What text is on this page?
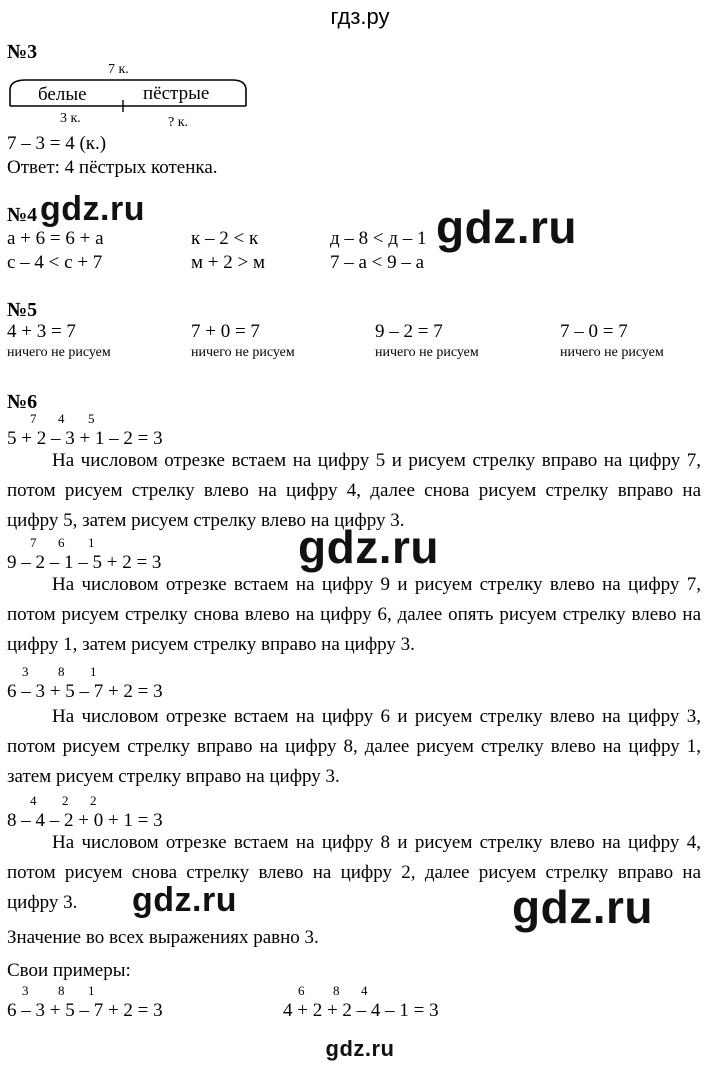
гдз.ру
№3
7 к.
белые	пёстрые
3 к.	? к.
7 – 3 = 4 (к.)
Ответ: 4 пёстрых котенка.
№4 gdz.ru	gdz.ru
а + 6 = 6 + а	к – 2 < к	д – 8 < д – 1
с – 4 < с + 7	м + 2 > м	7 – а < 9 – а
№5
4 + 3 = 7	7 + 0 = 7	9 – 2 = 7	7 – 0 = 7
ничего не рисуем	ничего не рисуем	ничего не рисуем	ничего не рисуем
№6
7 4 5
5 + 2 – 3 + 1 – 2 = 3
На числовом отрезке встаем на цифру 5 и рисуем стрелку вправо на цифру 7, потом рисуем стрелку влево на цифру 4, далее снова рисуем стрелку вправо на цифру 5, затем рисуем стрелку влево на цифру 3.
7 6 1
9 – 2 – 1 – 5 + 2 = 3	gdz.ru
На числовом отрезке встаем на цифру 9 и рисуем стрелку влево на цифру 7, потом рисуем стрелку снова влево на цифру 6, далее опять рисуем стрелку влево на цифру 1, затем рисуем стрелку вправо на цифру 3.
3 8 1
6 – 3 + 5 – 7 + 2 = 3
На числовом отрезке встаем на цифру 6 и рисуем стрелку влево на цифру 3, потом рисуем стрелку вправо на цифру 8, далее рисуем стрелку влево на цифру 1, затем рисуем стрелку вправо на цифру 3.
4 2 2
8 – 4 – 2 + 0 + 1 = 3
На числовом отрезке встаем на цифру 8 и рисуем стрелку влево на цифру 4, потом рисуем снова стрелку влево на цифру 2, далее рисуем стрелку вправо на цифру 3.	gdz.ru	gdz.ru
Значение во всех выражениях равно 3.
Свои примеры:
3 8 1
6 – 3 + 5 – 7 + 2 = 3
6 8 4
4 + 2 + 2 – 4 – 1 = 3
gdz.ru
